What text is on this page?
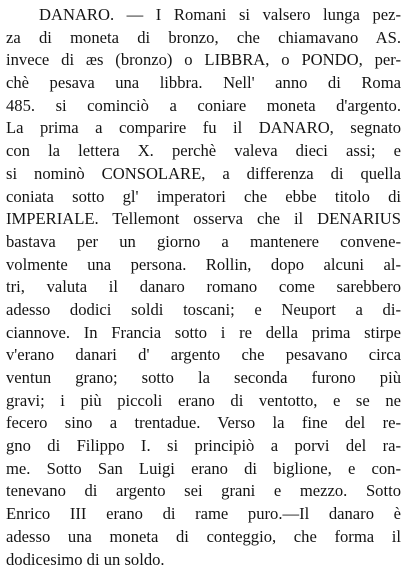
DANARO. — I Romani si valsero lunga pez-
za di moneta di bronzo, che chiamavano AS.
invece di æs (bronzo) o LIBBRA, o PONDO, per-
chè pesava una libbra. Nell' anno di Roma
485. si cominciò a coniare moneta d'argento.
La prima a comparire fu il DANARO, segnato
con la lettera X. perchè valeva dieci assi; e
si nominò CONSOLARE, a differenza di quella
coniata sotto gl' imperatori che ebbe titolo di
IMPERIALE. Tellemont osserva che il DENARIUS
bastava per un giorno a mantenere convene-
volmente una persona. Rollin, dopo alcuni al-
tri, valuta il danaro romano come sarebbero
adesso dodici soldi toscani; e Neuport a di-
ciannove. In Francia sotto i re della prima stirpe
v'erano danari d' argento che pesavano circa
ventun grano; sotto la seconda furono più
gravi; i più piccoli erano di ventotto, e se ne
fecero sino a trentadue. Verso la fine del re-
gno di Filippo I. si principiò a porvi del ra-
me. Sotto San Luigi erano di biglione, e con-
tenevano di argento sei grani e mezzo. Sotto
Enrico III erano di rame puro.—Il danaro è
adesso una moneta di conteggio, che forma il
dodicesimo di un soldo.
